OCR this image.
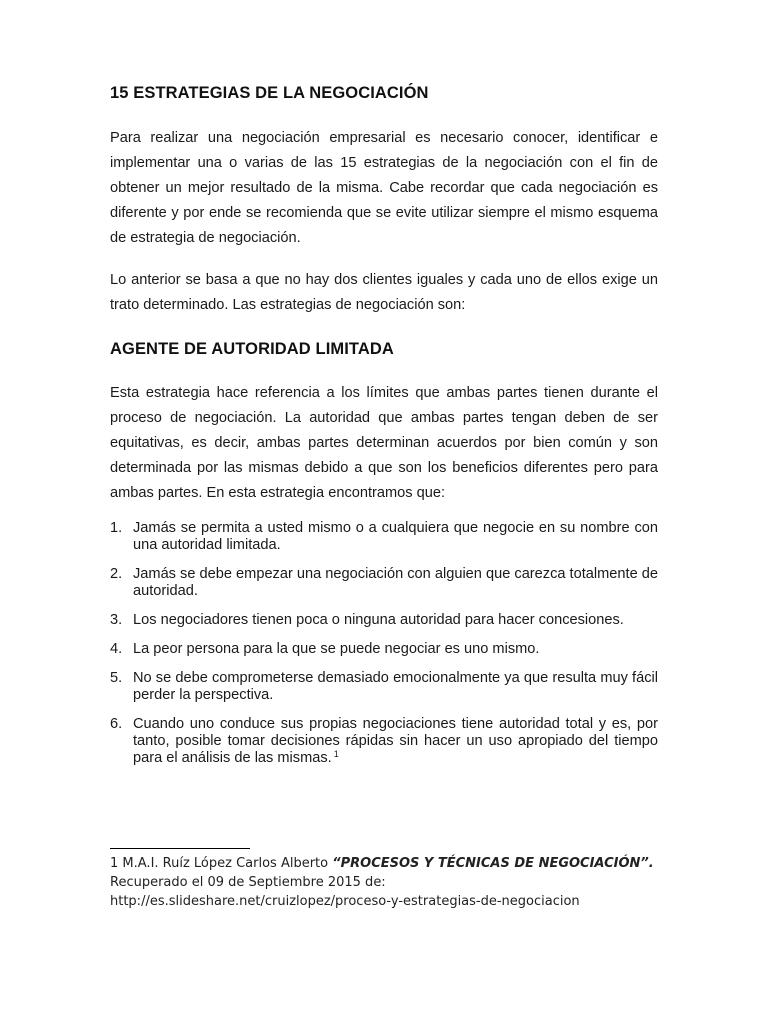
15 ESTRATEGIAS DE LA NEGOCIACIÓN

Para realizar una negociación empresarial es necesario conocer, identificar e implementar una o varias de las 15 estrategias de la negociación con el fin de obtener un mejor resultado de la misma. Cabe recordar que cada negociación es diferente y por ende se recomienda que se evite utilizar siempre el mismo esquema de estrategia de negociación.

Lo anterior se basa a que no hay dos clientes iguales y cada uno de ellos exige un trato determinado. Las estrategias de negociación son:

AGENTE DE AUTORIDAD LIMITADA

Esta estrategia hace referencia a los límites que ambas partes tienen durante el proceso de negociación. La autoridad que ambas partes tengan deben de ser equitativas, es decir, ambas partes determinan acuerdos por bien común y son determinada por las mismas debido a que son los beneficios diferentes pero para ambas partes. En esta estrategia encontramos que:

1. Jamás se permita a usted mismo o a cualquiera que negocie en su nombre con una autoridad limitada.
2. Jamás se debe empezar una negociación con alguien que carezca totalmente de autoridad.
3. Los negociadores tienen poca o ninguna autoridad para hacer concesiones.
4. La peor persona para la que se puede negociar es uno mismo.
5. No se debe comprometerse demasiado emocionalmente ya que resulta muy fácil perder la perspectiva.
6. Cuando uno conduce sus propias negociaciones tiene autoridad total y es, por tanto, posible tomar decisiones rápidas sin hacer un uso apropiado del tiempo para el análisis de las mismas. $^1$
1 M.A.I. Ruíz López Carlos Alberto “PROCESOS Y TÉCNICAS DE NEGOCIACIÓN”. Recuperado el 09 de Septiembre 2015 de:
http://es.slideshare.net/cruizlopez/proceso-y-estrategias-de-negociacion
